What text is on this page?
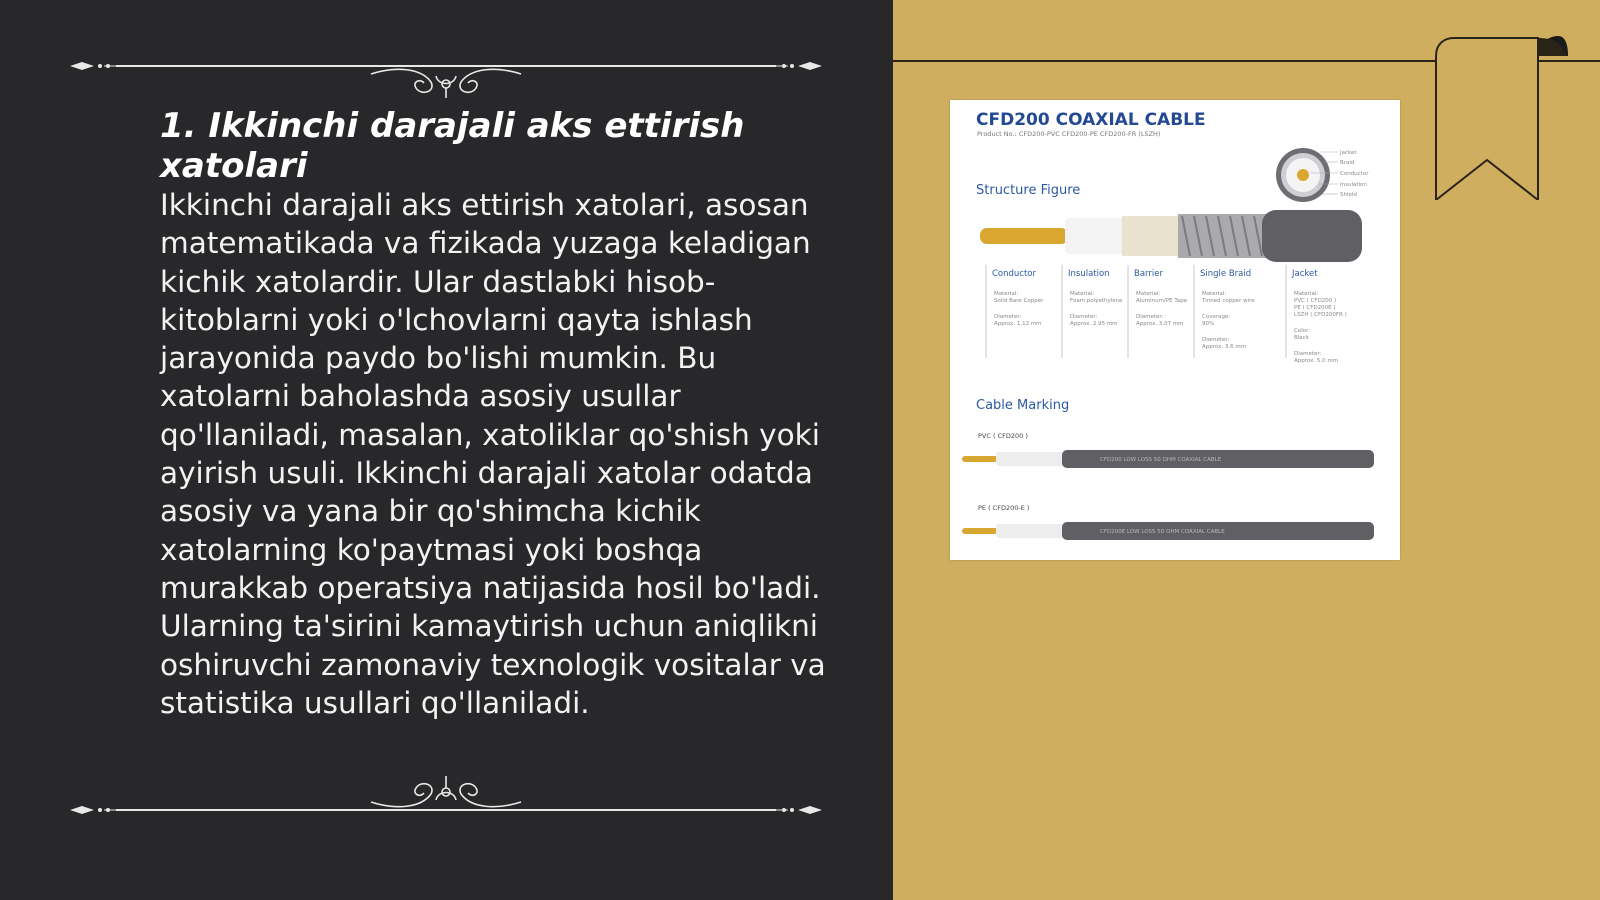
1. Ikkinchi darajali aks ettirish xatolari

Ikkinchi darajali aks ettirish xatolari, asosan matematikada va fizikada yuzaga keladigan kichik xatolardir. Ular dastlabki hisob-kitoblarni yoki o'lchovlarni qayta ishlash jarayonida paydo bo'lishi mumkin. Bu xatolarni baholashda asosiy usullar qo'llaniladi, masalan, xatoliklar qo'shish yoki ayirish usuli. Ikkinchi darajali xatolar odatda asosiy va yana bir qo'shimcha kichik xatolarning ko'paytmasi yoki boshqa murakkab operatsiya natijasida hosil bo'ladi. Ularning ta'sirini kamaytirish uchun aniqlikni oshiruvchi zamonaviy texnologik vositalar va statistika usullari qo'llaniladi.

CFD200 COAXIAL CABLE
Product No.: CFD200-PVC CFD200-PE CFD200-FR (LSZH)
Jacket
Braid
Conductor
Insulation
Shield
Structure Figure
Conductor
Material:
Solid Bare Copper
Diameter:
Approx. 1.12 mm
Insulation
Material:
Foam polyethylene
Diameter:
Approx. 2.95 mm
Barrier
Material:
Aluminum/PE Tape
Diameter:
Approx. 3.07 mm
Single Braid
Material:
Tinned copper wire
Coverage:
90%
Diameter:
Approx. 3.6 mm
Jacket
Material:
PVC ( CFD200 )
PE ( CFD200E )
LSZH ( CFD200FR )
Color:
Black
Diameter:
Approx. 5.0 mm
Cable Marking
PVC ( CFD200 )
CFD200 LOW LOSS 50 OHM COAXIAL CABLE
PE ( CFD200-E )
CFD200E LOW LOSS 50 OHM COAXIAL CABLE
